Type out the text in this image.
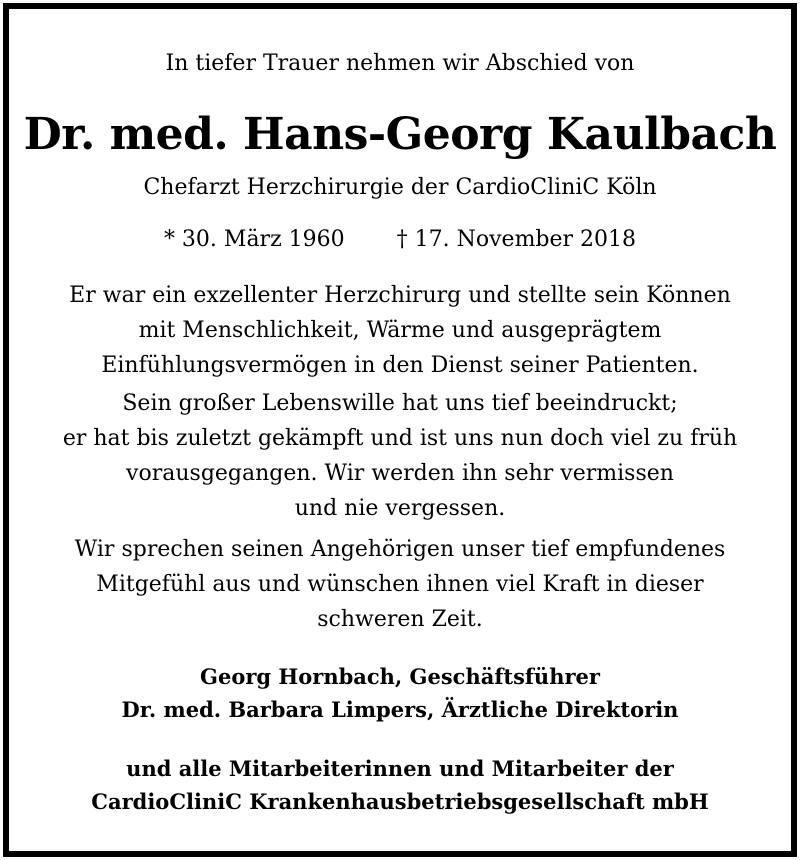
In tiefer Trauer nehmen wir Abschied von
Dr. med. Hans-Georg Kaulbach
Chefarzt Herzchirurgie der CardioCliniC Köln
* 30. März 1960 † 17. November 2018
Er war ein exzellenter Herzchirurg und stellte sein Können
mit Menschlichkeit, Wärme und ausgeprägtem
Einfühlungsvermögen in den Dienst seiner Patienten.
Sein großer Lebenswille hat uns tief beeindruckt;
er hat bis zuletzt gekämpft und ist uns nun doch viel zu früh
vorausgegangen. Wir werden ihn sehr vermissen
und nie vergessen.
Wir sprechen seinen Angehörigen unser tief empfundenes
Mitgefühl aus und wünschen ihnen viel Kraft in dieser
schweren Zeit.
Georg Hornbach, Geschäftsführer
Dr. med. Barbara Limpers, Ärztliche Direktorin
und alle Mitarbeiterinnen und Mitarbeiter der
CardioCliniC Krankenhausbetriebsgesellschaft mbH
